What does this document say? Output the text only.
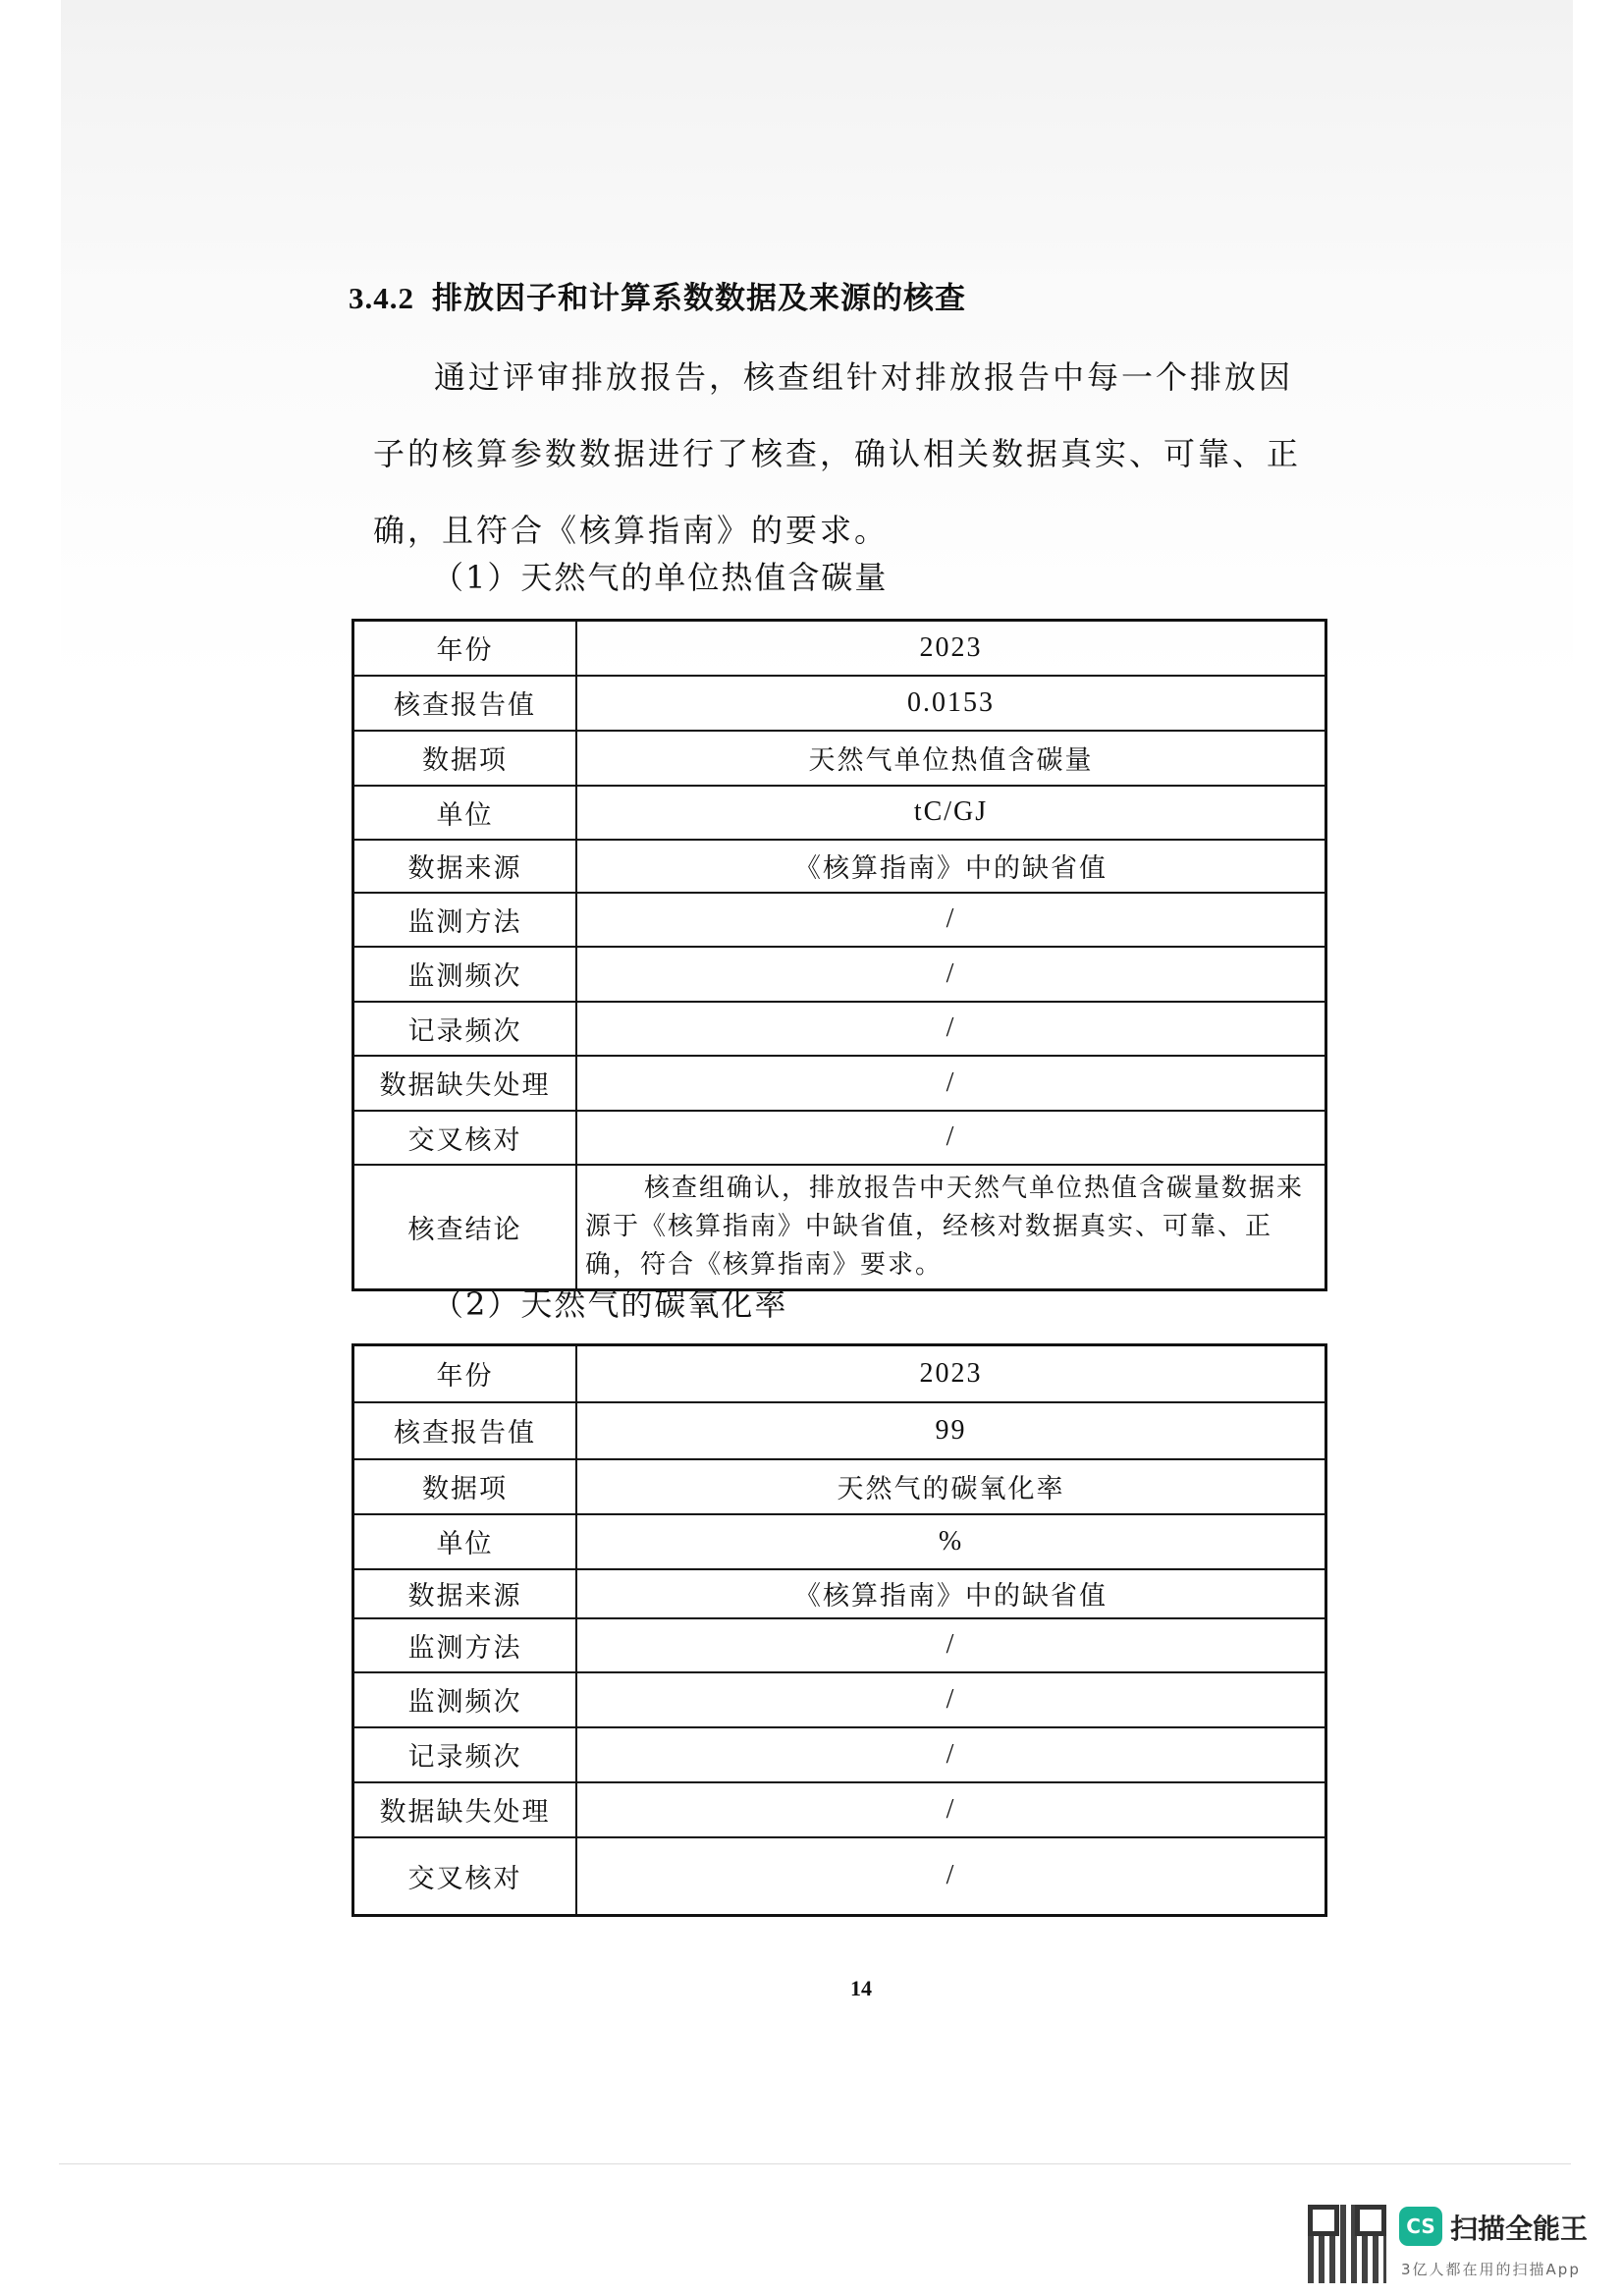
3.4.2 排放因子和计算系数数据及来源的核查
通过评审排放报告，核查组针对排放报告中每一个排放因子的核算参数数据进行了核查，确认相关数据真实、可靠、正确，且符合《核算指南》的要求。
（1）天然气的单位热值含碳量
年份	2023
核查报告值	0.0153
数据项	天然气单位热值含碳量
单位	tC/GJ
数据来源	《核算指南》中的缺省值
监测方法	/
监测频次	/
记录频次	/
数据缺失处理	/
交叉核对	/
核查结论	核查组确认，排放报告中天然气单位热值含碳量数据来源于《核算指南》中缺省值，经核对数据真实、可靠、正确，符合《核算指南》要求。
（2）天然气的碳氧化率
年份	2023
核查报告值	99
数据项	天然气的碳氧化率
单位	%
数据来源	《核算指南》中的缺省值
监测方法	/
监测频次	/
记录频次	/
数据缺失处理	/
交叉核对	/
14
CS 扫描全能王
3亿人都在用的扫描App
